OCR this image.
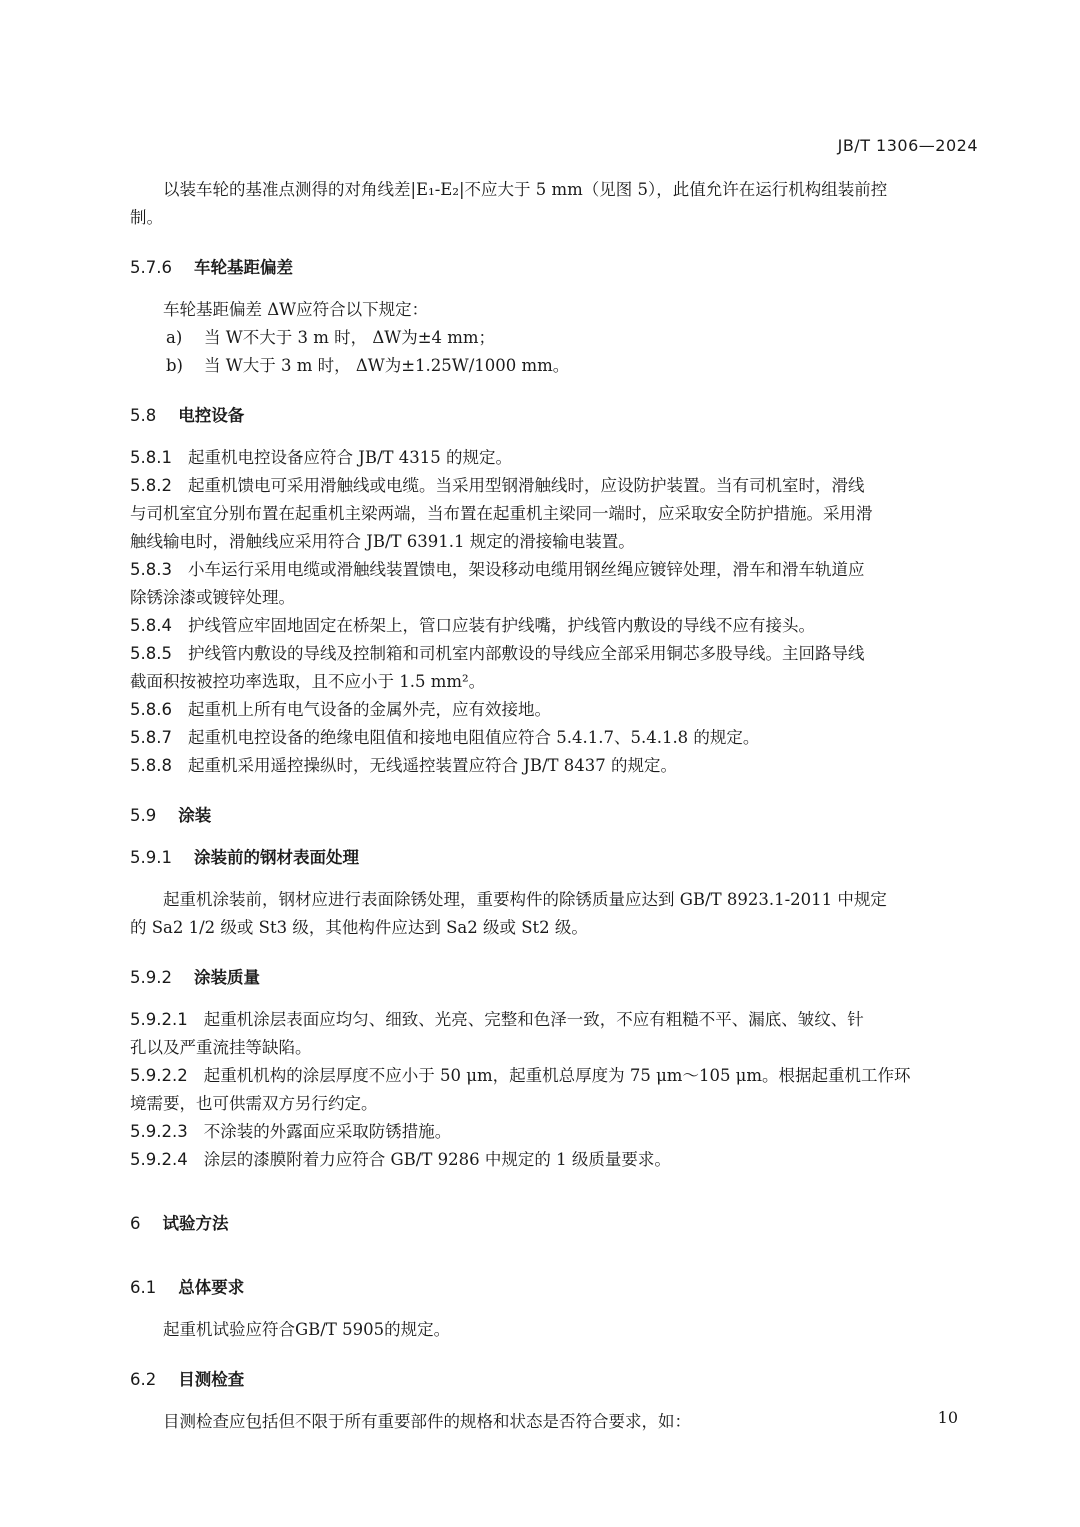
JB/T 1306—2024

以装车轮的基准点测得的对角线差|E₁-E₂|不应大于 5 mm（见图 5），此值允许在运行机构组装前控

制。

5.7.6 车轮基距偏差

车轮基距偏差 ΔW应符合以下规定：

a) 当 W不大于 3 m 时， ΔW为±4 mm；

b) 当 W大于 3 m 时， ΔW为±1.25W/1000 mm。

5.8 电控设备

5.8.1 起重机电控设备应符合 JB/T 4315 的规定。

5.8.2 起重机馈电可采用滑触线或电缆。当采用型钢滑触线时，应设防护装置。当有司机室时，滑线

与司机室宜分别布置在起重机主梁两端，当布置在起重机主梁同一端时，应采取安全防护措施。采用滑

触线输电时，滑触线应采用符合 JB/T 6391.1 规定的滑接输电装置。

5.8.3 小车运行采用电缆或滑触线装置馈电，架设移动电缆用钢丝绳应镀锌处理，滑车和滑车轨道应

除锈涂漆或镀锌处理。

5.8.4 护线管应牢固地固定在桥架上，管口应装有护线嘴，护线管内敷设的导线不应有接头。

5.8.5 护线管内敷设的导线及控制箱和司机室内部敷设的导线应全部采用铜芯多股导线。主回路导线

截面积按被控功率选取，且不应小于 1.5 mm²。

5.8.6 起重机上所有电气设备的金属外壳，应有效接地。

5.8.7 起重机电控设备的绝缘电阻值和接地电阻值应符合 5.4.1.7、5.4.1.8 的规定。

5.8.8 起重机采用遥控操纵时，无线遥控装置应符合 JB/T 8437 的规定。

5.9 涂装

5.9.1 涂装前的钢材表面处理

起重机涂装前，钢材应进行表面除锈处理，重要构件的除锈质量应达到 GB/T 8923.1-2011 中规定

的 Sa2 1/2 级或 St3 级，其他构件应达到 Sa2 级或 St2 级。

5.9.2 涂装质量

5.9.2.1 起重机涂层表面应均匀、细致、光亮、完整和色泽一致，不应有粗糙不平、漏底、皱纹、针

孔以及严重流挂等缺陷。

5.9.2.2 起重机机构的涂层厚度不应小于 50 μm，起重机总厚度为 75 μm～105 μm。根据起重机工作环

境需要，也可供需双方另行约定。

5.9.2.3 不涂装的外露面应采取防锈措施。

5.9.2.4 涂层的漆膜附着力应符合 GB/T 9286 中规定的 1 级质量要求。

6 试验方法

6.1 总体要求

起重机试验应符合GB/T 5905的规定。

6.2 目测检查

目测检查应包括但不限于所有重要部件的规格和状态是否符合要求，如：	10
